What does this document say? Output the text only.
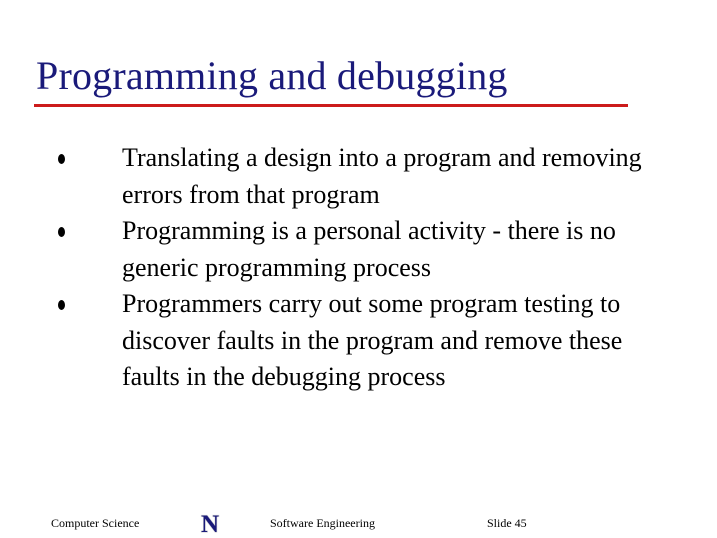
Programming and debugging
Translating a design into a program and removing
errors from that program
Programming is a personal activity - there is no
generic programming process
Programmers carry out some program testing to
discover faults in the program and remove these
faults in the debugging process
Computer Science N	Software Engineering	Slide 45
